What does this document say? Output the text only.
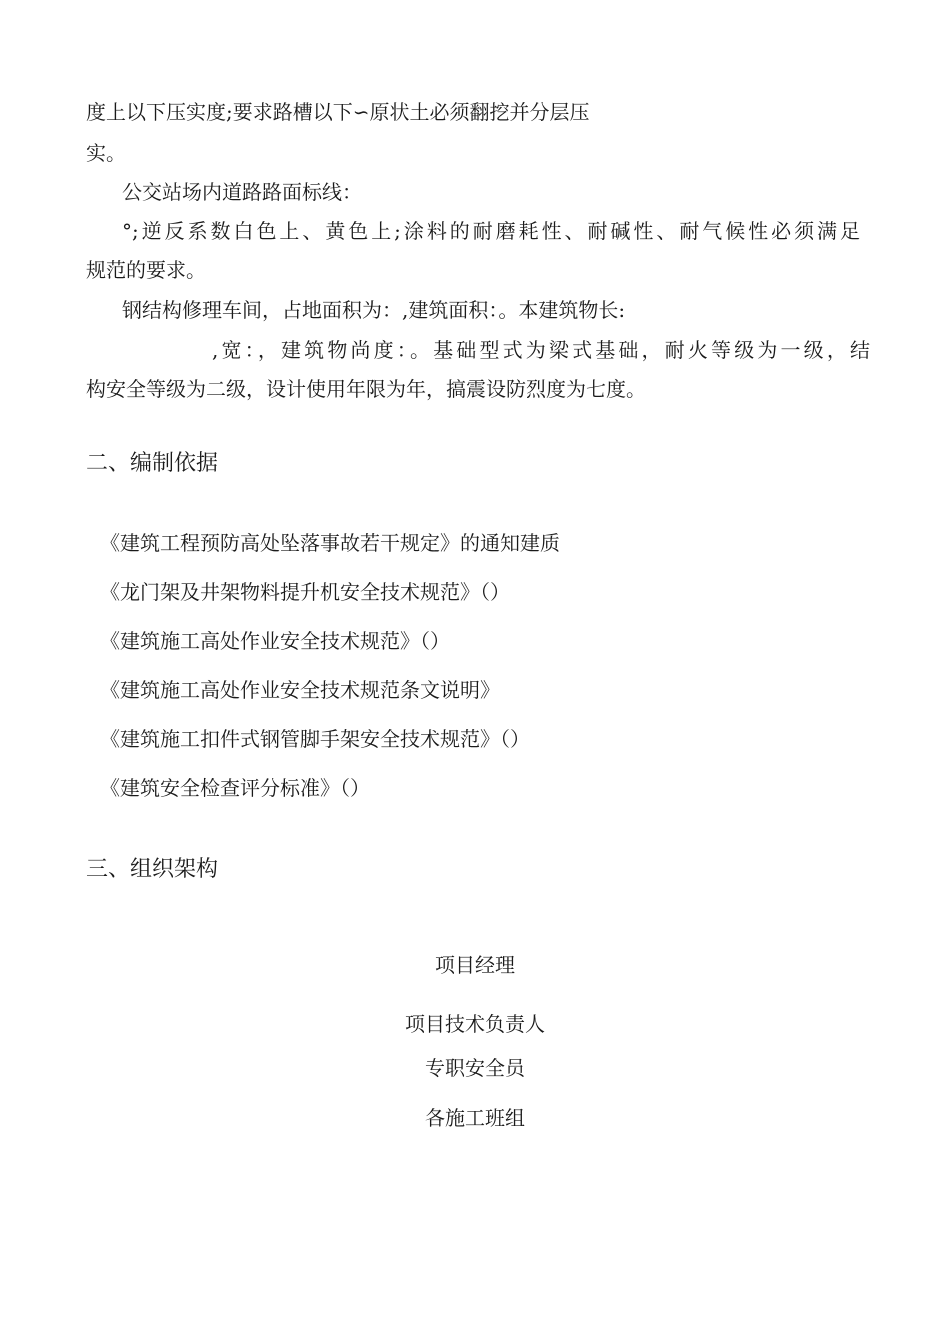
度上以下压实度;要求路槽以下∽原状土必须翻挖并分层压
实。
公交站场内道路路面标线：
°;逆反系数白色上、黄色上;涂料的耐磨耗性、耐碱性、耐气候性必须满足
规范的要求。
钢结构修理车间，占地面积为：,建筑面积：。本建筑物长:
,宽：，建筑物尚度：。基础型式为梁式基础，耐火等级为一级，结
构安全等级为二级，设计使用年限为年，搞震设防烈度为七度。
二、编制依据
《建筑工程预防高处坠落事故若干规定》的通知建质
《龙门架及井架物料提升机安全技术规范》（）
《建筑施工高处作业安全技术规范》（）
《建筑施工高处作业安全技术规范条文说明》
《建筑施工扣件式钢管脚手架安全技术规范》（）
《建筑安全检查评分标准》（）
三、组织架构
项目经理
项目技术负责人
专职安全员
各施工班组
